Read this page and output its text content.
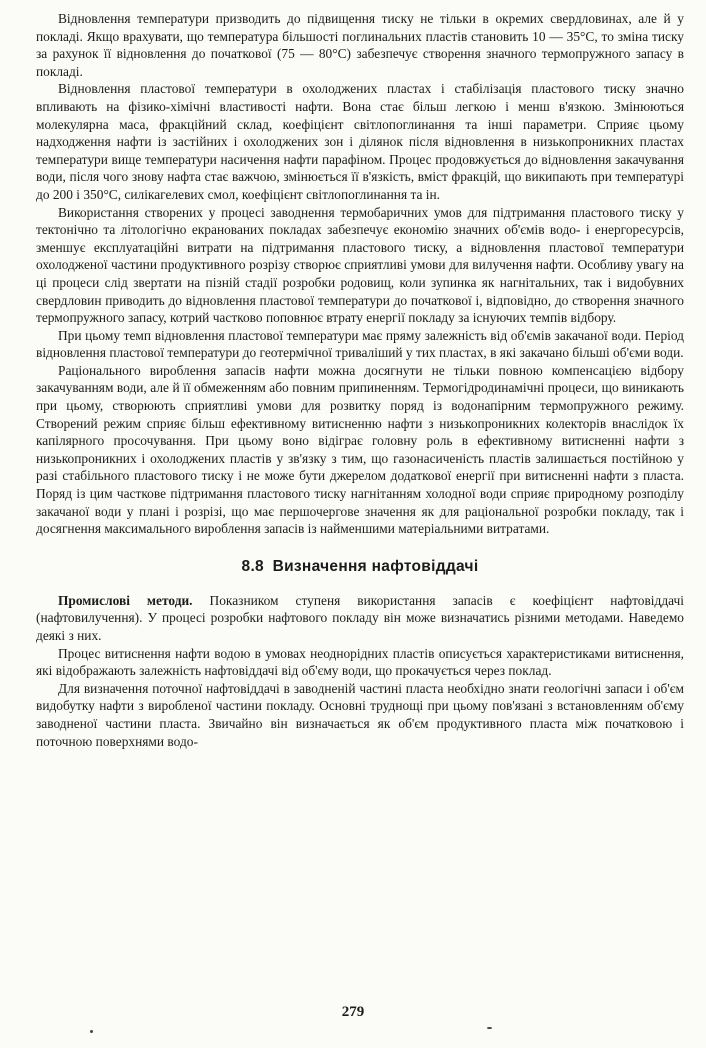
Відновлення температури призводить до підвищення тиску не тільки в окремих свердловинах, але й у покладі. Якщо врахувати, що температура більшості поглинальних пластів становить 10 — 35°C, то зміна тиску за рахунок її відновлення до початкової (75 — 80°C) забезпечує створення значного термопружного запасу в покладі.

Відновлення пластової температури в охолоджених пластах і стабілізація пластового тиску значно впливають на фізико-хімічні властивості нафти. Вона стає більш легкою і менш в'язкою. Змінюються молекулярна маса, фракційний склад, коефіцієнт світлопоглинання та інші параметри. Сприяє цьому надходження нафти із застійних і охолоджених зон і ділянок після відновлення в низькопроникних пластах температури вище температури насичення нафти парафіном. Процес продовжується до відновлення закачування води, після чого знову нафта стає важчою, змінюється її в'язкість, вміст фракцій, що википають при температурі до 200 і 350°C, силікагелевих смол, коефіцієнт світлопоглинання та ін.

Використання створених у процесі заводнення термобаричних умов для підтримання пластового тиску у тектонічно та літологічно екранованих покладах забезпечує економію значних об'ємів водо- і енергоресурсів, зменшує експлуатаційні витрати на підтримання пластового тиску, а відновлення пластової температури охолодженої частини продуктивного розрізу створює сприятливі умови для вилучення нафти. Особливу увагу на ці процеси слід звертати на пізній стадії розробки родовищ, коли зупинка як нагнітальних, так і видобувних свердловин приводить до відновлення пластової температури до початкової і, відповідно, до створення значного термопружного запасу, котрий частково поповнює втрату енергії покладу за існуючих темпів відбору.

При цьому темп відновлення пластової температури має пряму залежність від об'ємів закачаної води. Період відновлення пластової температури до геотермічної триваліший у тих пластах, в які закачано більші об'єми води.

Раціонального вироблення запасів нафти можна досягнути не тільки повною компенсацією відбору закачуванням води, але й її обмеженням або повним припиненням. Термогідродинамічні процеси, що виникають при цьому, створюють сприятливі умови для розвитку поряд із водонапірним термопружного режиму. Створений режим сприяє більш ефективному витисненню нафти з низькопроникних колекторів внаслідок їх капілярного просочування. При цьому воно відіграє головну роль в ефективному витисненні нафти з низькопроникних і охолоджених пластів у зв'язку з тим, що газонасиченість пластів залишається постійною у разі стабільного пластового тиску і не може бути джерелом додаткової енергії при витисненні нафти з пласта. Поряд із цим часткове підтримання пластового тиску нагнітанням холодної води сприяє природному розподілу закачаної води у плані і розрізі, що має першочергове значення як для раціональної розробки покладу, так і досягнення максимального вироблення запасів із найменшими матеріальними витратами.

8.8 Визначення нафтовіддачі

Промислові методи. Показником ступеня використання запасів є коефіцієнт нафтовіддачі (нафтовилучення). У процесі розробки нафтового покладу він може визначатись різними методами. Наведемо деякі з них.

Процес витиснення нафти водою в умовах неоднорідних пластів описується характеристиками витиснення, які відображають залежність нафтовіддачі від об'єму води, що прокачується через поклад.

Для визначення поточної нафтовіддачі в заводненій частині пласта необхідно знати геологічні запаси і об'єм видобутку нафти з виробленої частини покладу. Основні труднощі при цьому пов'язані з встановленням об'єму заводненої частини пласта. Звичайно він визначається як об'єм продуктивного пласта між початковою і поточною поверхнями водо-

279
